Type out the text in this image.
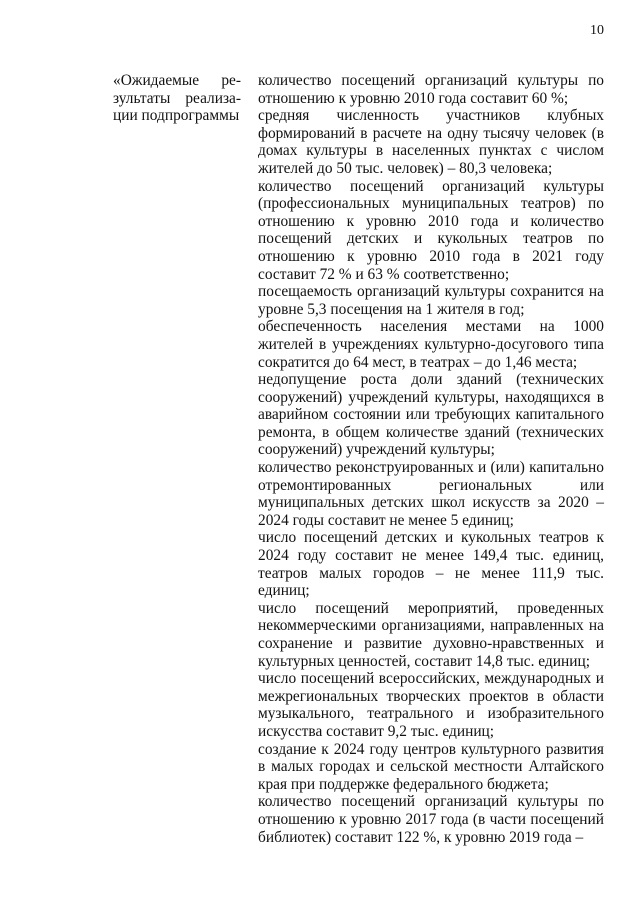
10
«Ожидаемые ре-
зультаты реализа-
ции подпрограммы
количество посещений организаций культуры по отношению к уровню 2010 года составит 60 %;
средняя численность участников клубных формирований в расчете на одну тысячу человек (в домах культуры в населенных пунктах с числом жителей до 50 тыс. человек) – 80,3 человека;
количество посещений организаций культуры (профессиональных муниципальных театров) по отношению к уровню 2010 года и количество посещений детских и кукольных театров по отношению к уровню 2010 года в 2021 году составит 72 % и 63 % соответственно;
посещаемость организаций культуры сохранится на уровне 5,3 посещения на 1 жителя в год;
обеспеченность населения местами на 1000 жителей в учреждениях культурно-досугового типа сократится до 64 мест, в театрах – до 1,46 места;
недопущение роста доли зданий (технических сооружений) учреждений культуры, находящихся в аварийном состоянии или требующих капитального ремонта, в общем количестве зданий (технических сооружений) учреждений культуры;
количество реконструированных и (или) капитально отремонтированных региональных или муниципальных детских школ искусств за 2020 – 2024 годы составит не менее 5 единиц;
число посещений детских и кукольных театров к 2024 году составит не менее 149,4 тыс. единиц, театров малых городов – не менее 111,9 тыс. единиц;
число посещений мероприятий, проведенных некоммерческими организациями, направленных на сохранение и развитие духовно-нравственных и культурных ценностей, составит 14,8 тыс. единиц;
число посещений всероссийских, международных и межрегиональных творческих проектов в области музыкального, театрального и изобразительного искусства составит 9,2 тыс. единиц;
создание к 2024 году центров культурного развития в малых городах и сельской местности Алтайского края при поддержке федерального бюджета;
количество посещений организаций культуры по отношению к уровню 2017 года (в части посещений библиотек) составит 122 %, к уровню 2019 года –
